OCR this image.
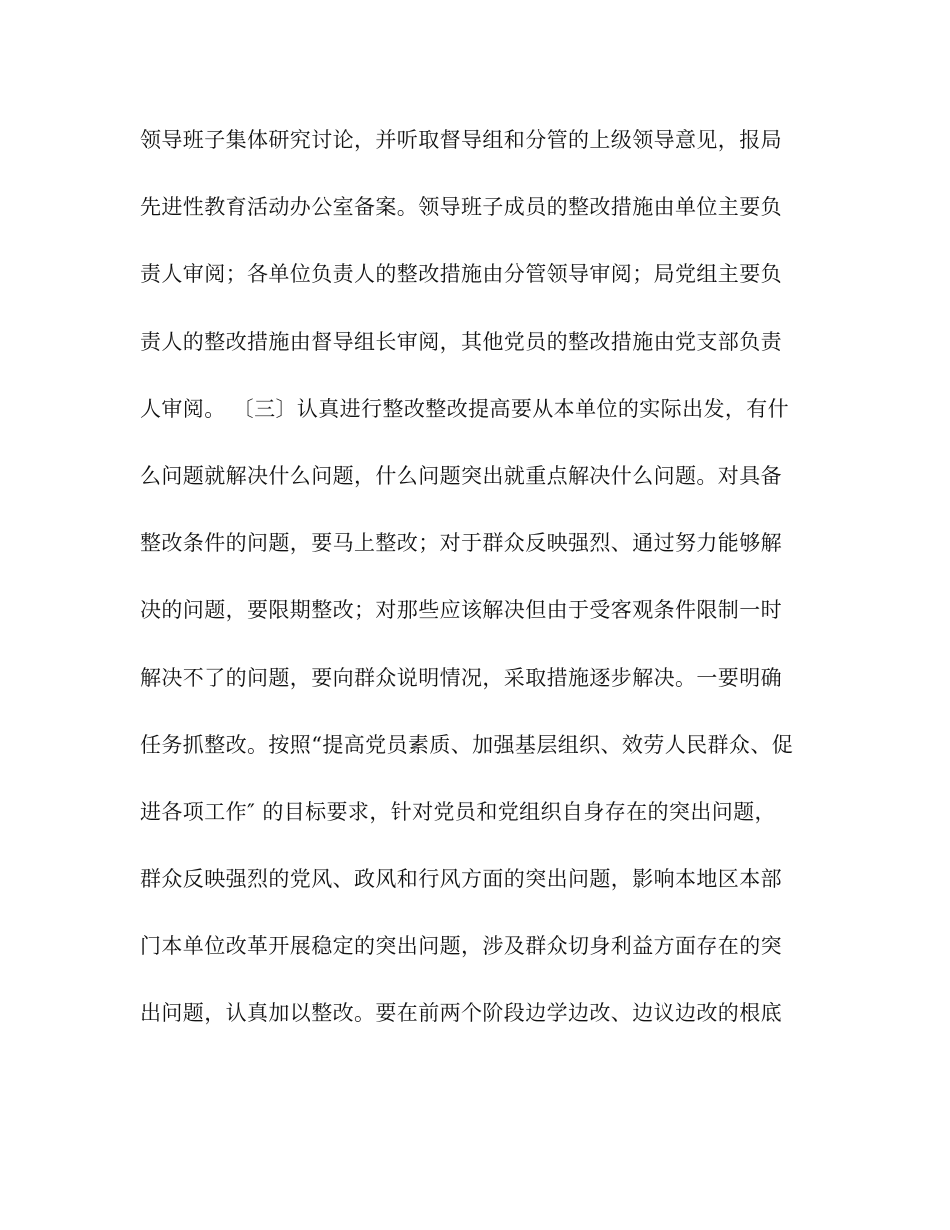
领导班子集体研究讨论，并听取督导组和分管的上级领导意见，报局
先进性教育活动办公室备案。领导班子成员的整改措施由单位主要负
责人审阅；各单位负责人的整改措施由分管领导审阅；局党组主要负
责人的整改措施由督导组长审阅，其他党员的整改措施由党支部负责
人审阅。 〔三〕认真进行整改整改提高要从本单位的实际出发，有什
么问题就解决什么问题，什么问题突出就重点解决什么问题。对具备
整改条件的问题，要马上整改；对于群众反映强烈、通过努力能够解
决的问题，要限期整改；对那些应该解决但由于受客观条件限制一时
解决不了的问题，要向群众说明情况，采取措施逐步解决。一要明确
任务抓整改。按照“提高党员素质、加强基层组织、效劳人民群众、促
进各项工作″ 的目标要求，针对党员和党组织自身存在的突出问题，
群众反映强烈的党风、政风和行风方面的突出问题，影响本地区本部
门本单位改革开展稳定的突出问题，涉及群众切身利益方面存在的突
出问题，认真加以整改。要在前两个阶段边学边改、边议边改的根底
